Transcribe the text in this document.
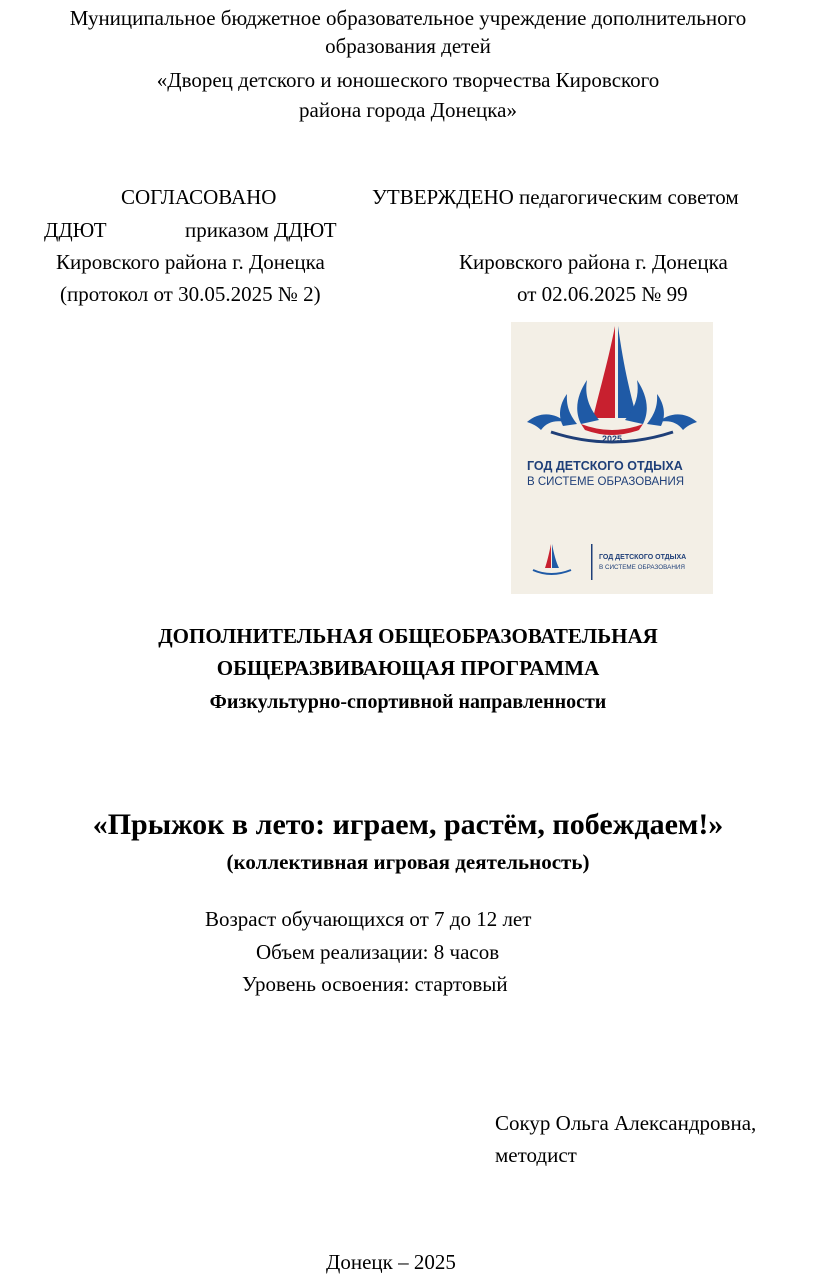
Муниципальное бюджетное образовательное учреждение дополнительного
образования детей
«Дворец детского и юношеского творчества Кировского
района города Донецка»
СОГЛАСОВАНО	УТВЕРЖДЕНО педагогическим советом
ДДЮТ	приказом ДДЮТ
Кировского района г. Донецка	Кировского района г. Донецка
(протокол от 30.05.2025 № 2)	от 02.06.2025 № 99
2025
ГОД ДЕТСКОГО ОТДЫХА
В СИСТЕМЕ ОБРАЗОВАНИЯ
ГОД ДЕТСКОГО ОТДЫХА
В СИСТЕМЕ ОБРАЗОВАНИЯ
ДОПОЛНИТЕЛЬНАЯ ОБЩЕОБРАЗОВАТЕЛЬНАЯ
ОБЩЕРАЗВИВАЮЩАЯ ПРОГРАММА
Физкультурно-спортивной направленности
«Прыжок в лето: играем, растём, побеждаем!»
(коллективная игровая деятельность)
Возраст обучающихся от 7 до 12 лет
Объем реализации: 8 часов
Уровень освоения: стартовый
Сокур Ольга Александровна,
методист
Донецк – 2025
